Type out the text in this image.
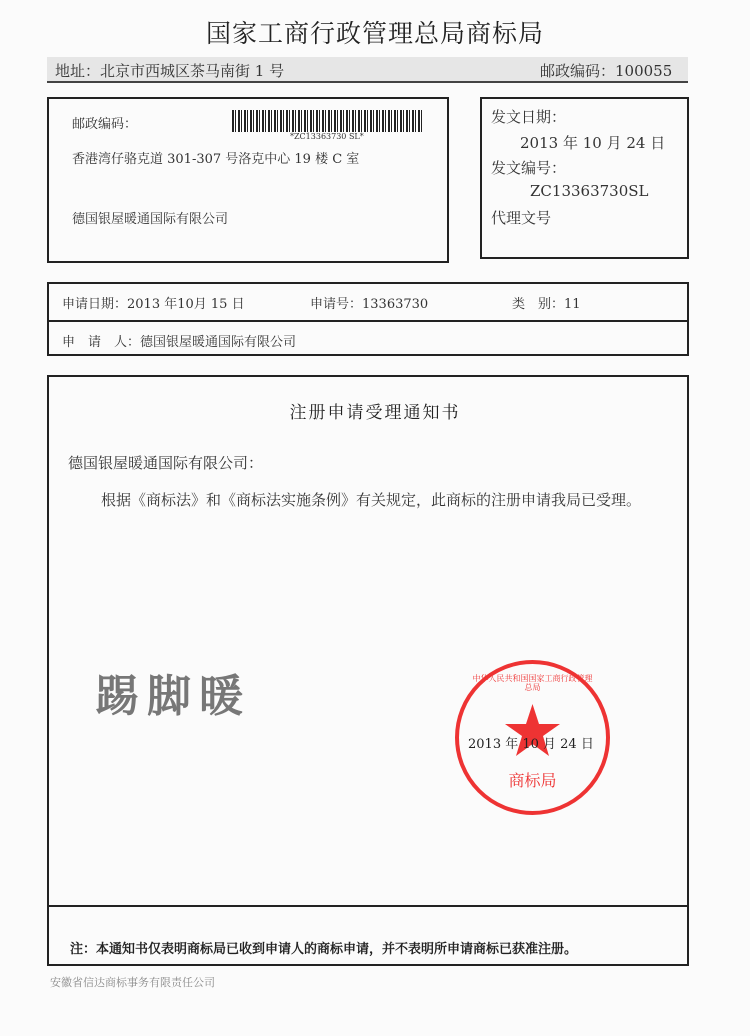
国家工商行政管理总局商标局
地址：北京市西城区茶马南街 1 号	邮政编码：100055
邮政编码：
*ZC13363730 SL*
香港湾仔骆克道 301-307 号洛克中心 19 楼 C 室
德国银屋暖通国际有限公司
发文日期：
2013 年 10 月 24 日
发文编号：
ZC13363730SL
代理文号
申请日期：2013 年10月 15 日	申请号：13363730	类　别：11
申　请　人：德国银屋暖通国际有限公司
注册申请受理通知书
德国银屋暖通国际有限公司：
根据《商标法》和《商标法实施条例》有关规定，此商标的注册申请我局已受理。
踢脚暖
商标局
中华人民共和国国家工商行政管理总局
2013 年 10 月 24 日
注：本通知书仅表明商标局已收到申请人的商标申请，并不表明所申请商标已获准注册。
安徽省信达商标事务有限责任公司
